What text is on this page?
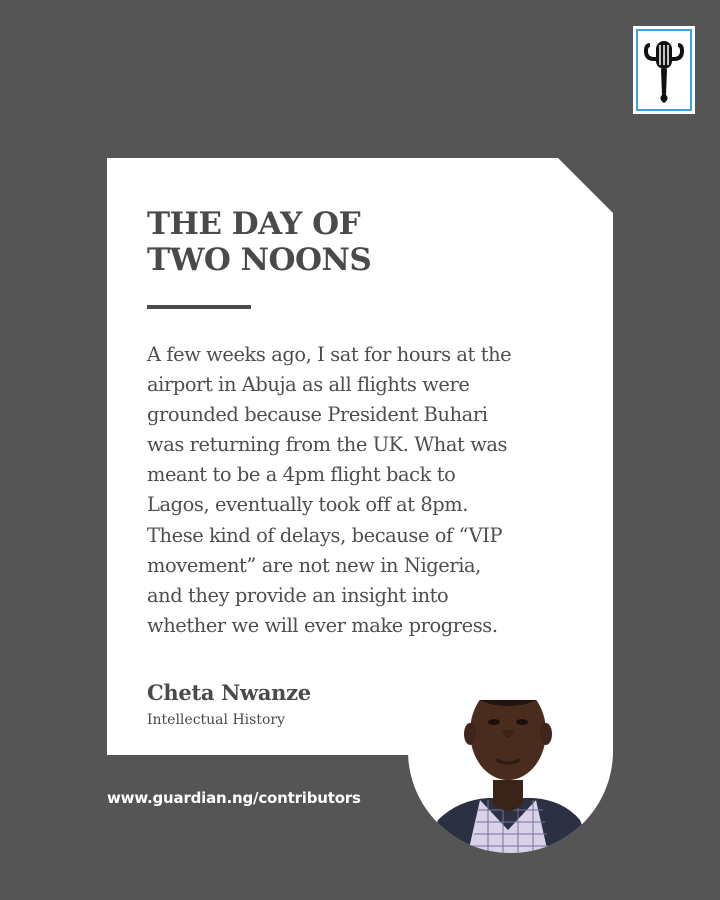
THE DAY OF
TWO NOONS

A few weeks ago, I sat for hours at the
airport in Abuja as all flights were
grounded because President Buhari
was returning from the UK. What was
meant to be a 4pm flight back to
Lagos, eventually took off at 8pm.
These kind of delays, because of “VIP
movement” are not new in Nigeria,
and they provide an insight into
whether we will ever make progress.

Cheta Nwanze

Intellectual History

www.guardian.ng/contributors
